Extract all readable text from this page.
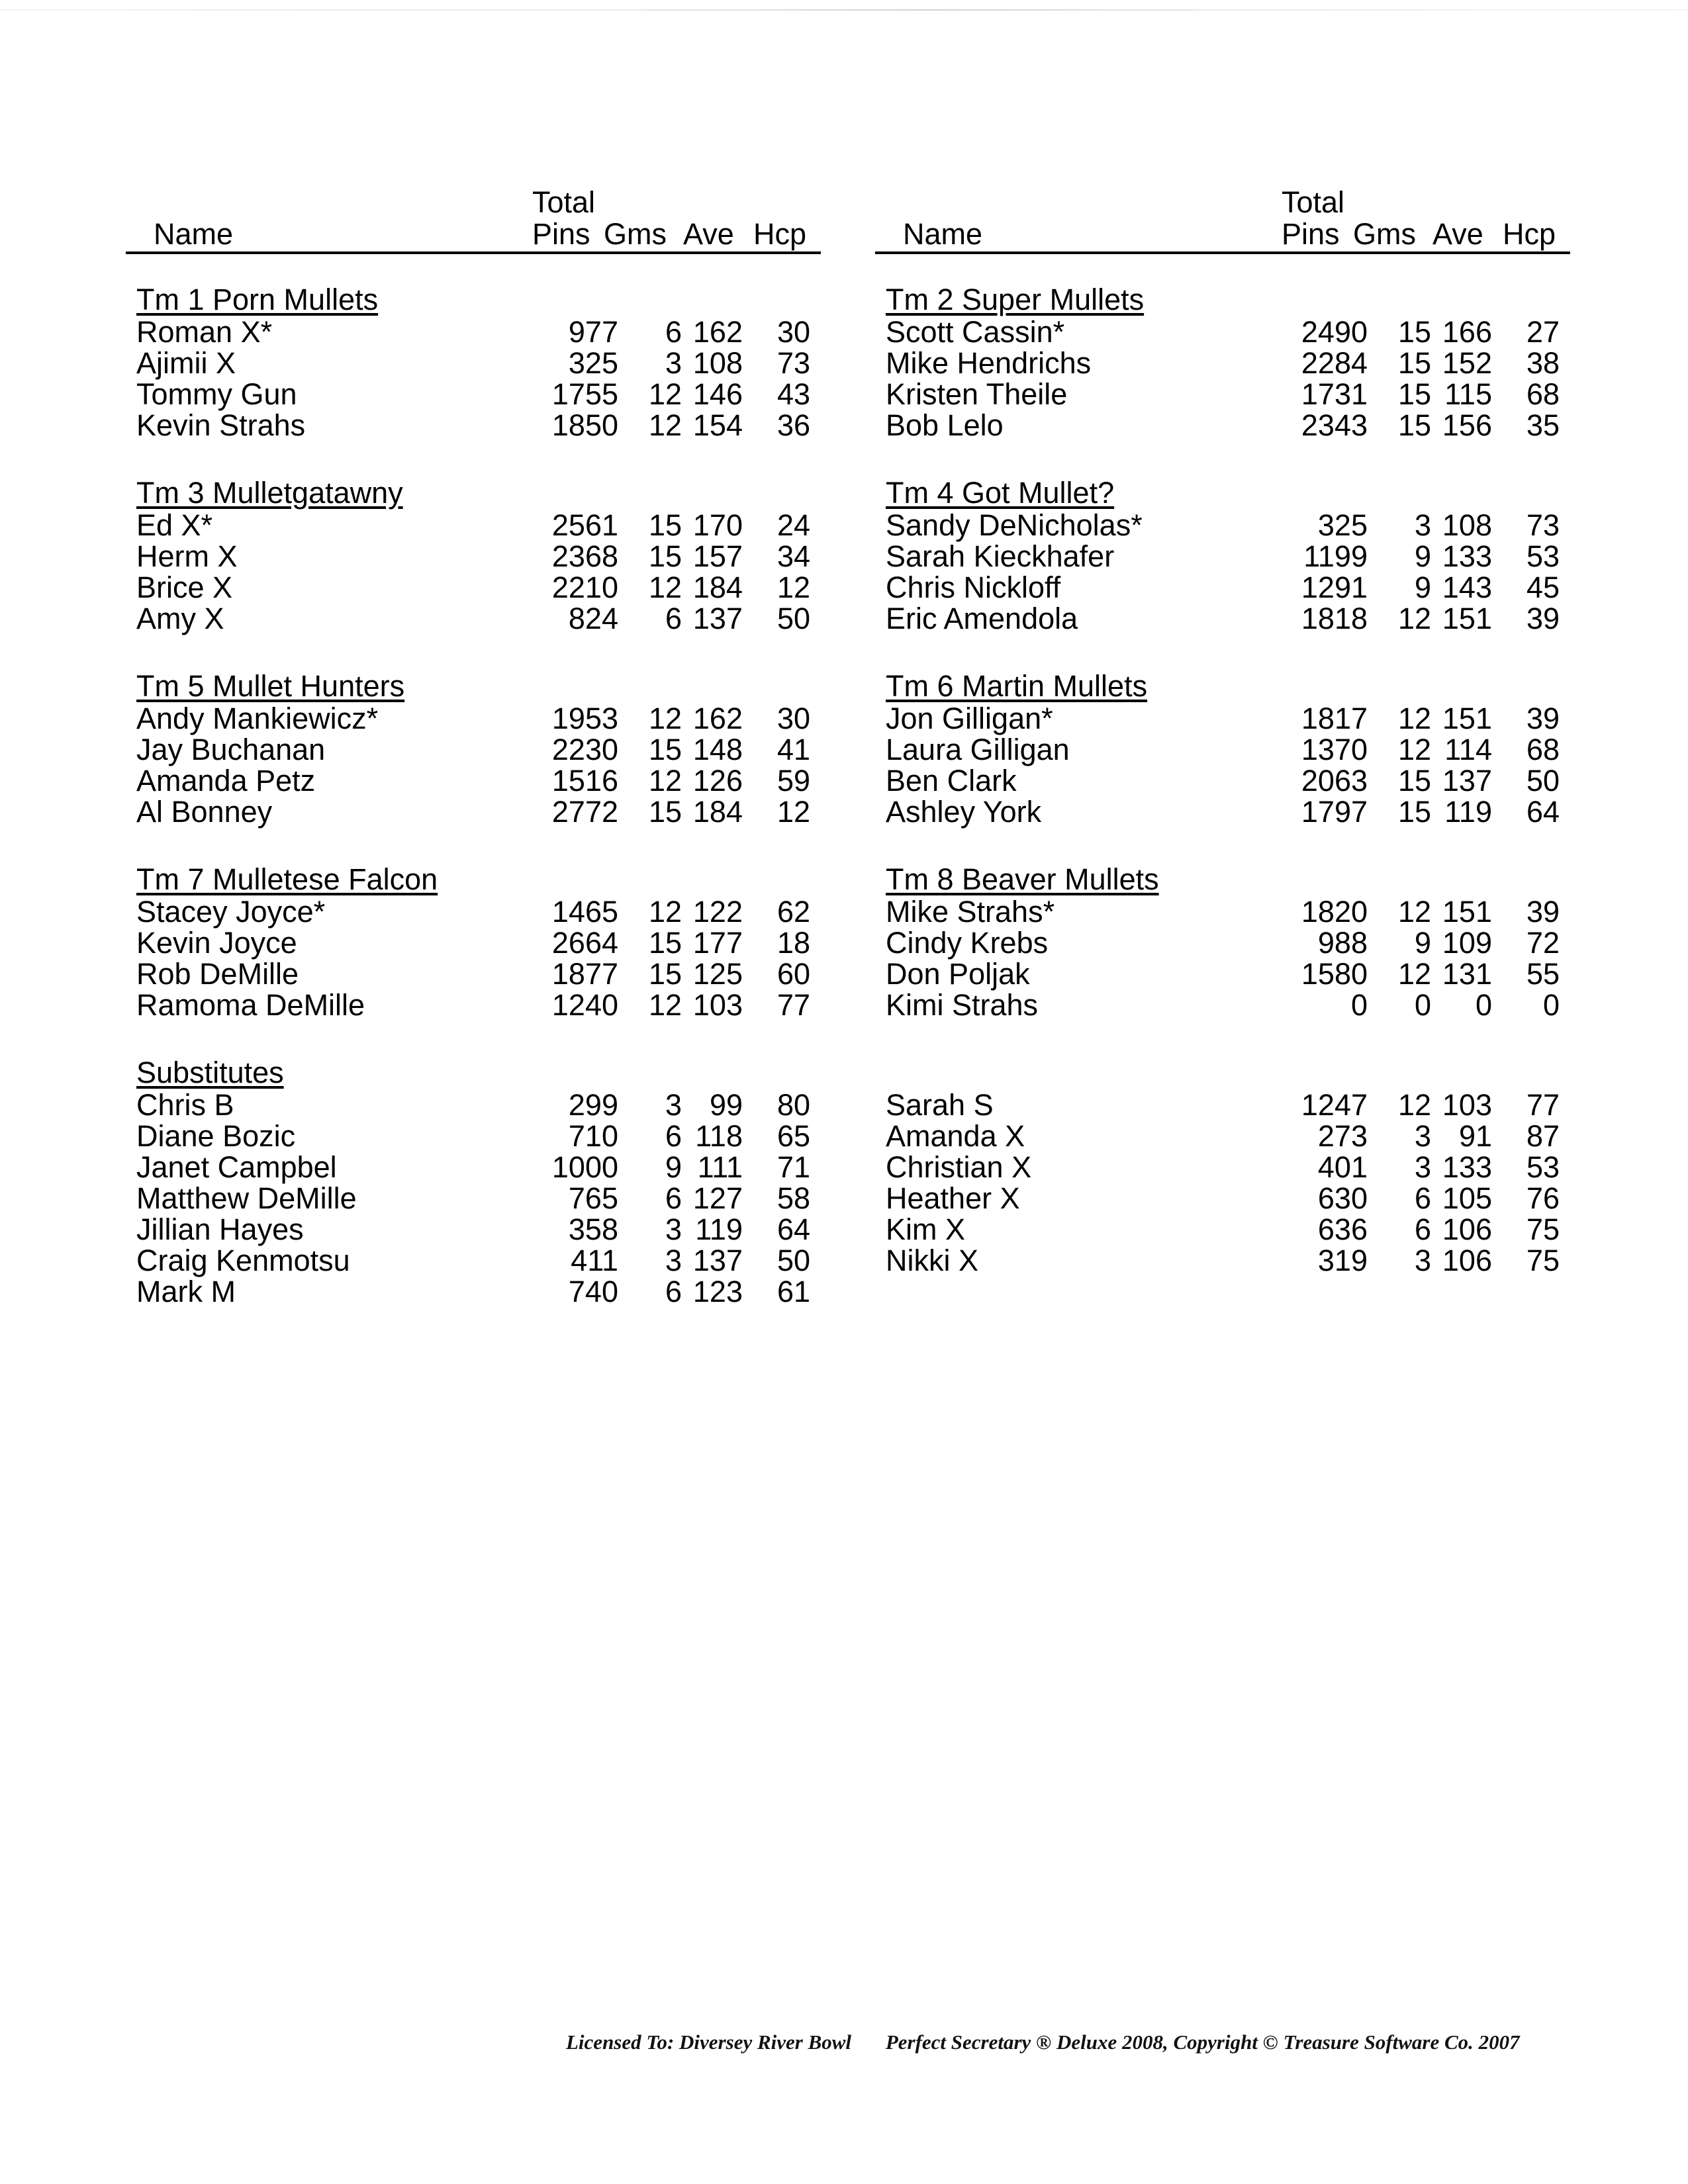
Total
Name	Pins Gms Ave Hcp
Tm 1 Porn Mullets
Roman X*	977 6 162 30
Ajimii X	325 3 108 73
Tommy Gun	1755 12 146 43
Kevin Strahs	1850 12 154 36
Tm 3 Mulletgatawny
Ed X*	2561 15 170 24
Herm X	2368 15 157 34
Brice X	2210 12 184 12
Amy X	824 6 137 50
Tm 5 Mullet Hunters
Andy Mankiewicz*	1953 12 162 30
Jay Buchanan	2230 15 148 41
Amanda Petz	1516 12 126 59
Al Bonney	2772 15 184 12
Tm 7 Mulletese Falcon
Stacey Joyce*	1465 12 122 62
Kevin Joyce	2664 15 177 18
Rob DeMille	1877 15 125 60
Ramoma DeMille	1240 12 103 77
Substitutes
Chris B	299 3 99 80
Diane Bozic	710 6 118 65
Janet Campbel	1000 9 111 71
Matthew DeMille	765 6 127 58
Jillian Hayes	358 3 119 64
Craig Kenmotsu	411 3 137 50
Mark M	740 6 123 61
Total
Name	Pins Gms Ave Hcp
Tm 2 Super Mullets
Scott Cassin*	2490 15 166 27
Mike Hendrichs	2284 15 152 38
Kristen Theile	1731 15 115 68
Bob Lelo	2343 15 156 35
Tm 4 Got Mullet?
Sandy DeNicholas*	325 3 108 73
Sarah Kieckhafer	1199 9 133 53
Chris Nickloff	1291 9 143 45
Eric Amendola	1818 12 151 39
Tm 6 Martin Mullets
Jon Gilligan*	1817 12 151 39
Laura Gilligan	1370 12 114 68
Ben Clark	2063 15 137 50
Ashley York	1797 15 119 64
Tm 8 Beaver Mullets
Mike Strahs*	1820 12 151 39
Cindy Krebs	988 9 109 72
Don Poljak	1580 12 131 55
Kimi Strahs	0 0 0 0
Sarah S	1247 12 103 77
Amanda X	273 3 91 87
Christian X	401 3 133 53
Heather X	630 6 105 76
Kim X	636 6 106 75
Nikki X	319 3 106 75
Licensed To: Diversey River Bowl Perfect Secretary ® Deluxe 2008, Copyright © Treasure Software Co. 2007
